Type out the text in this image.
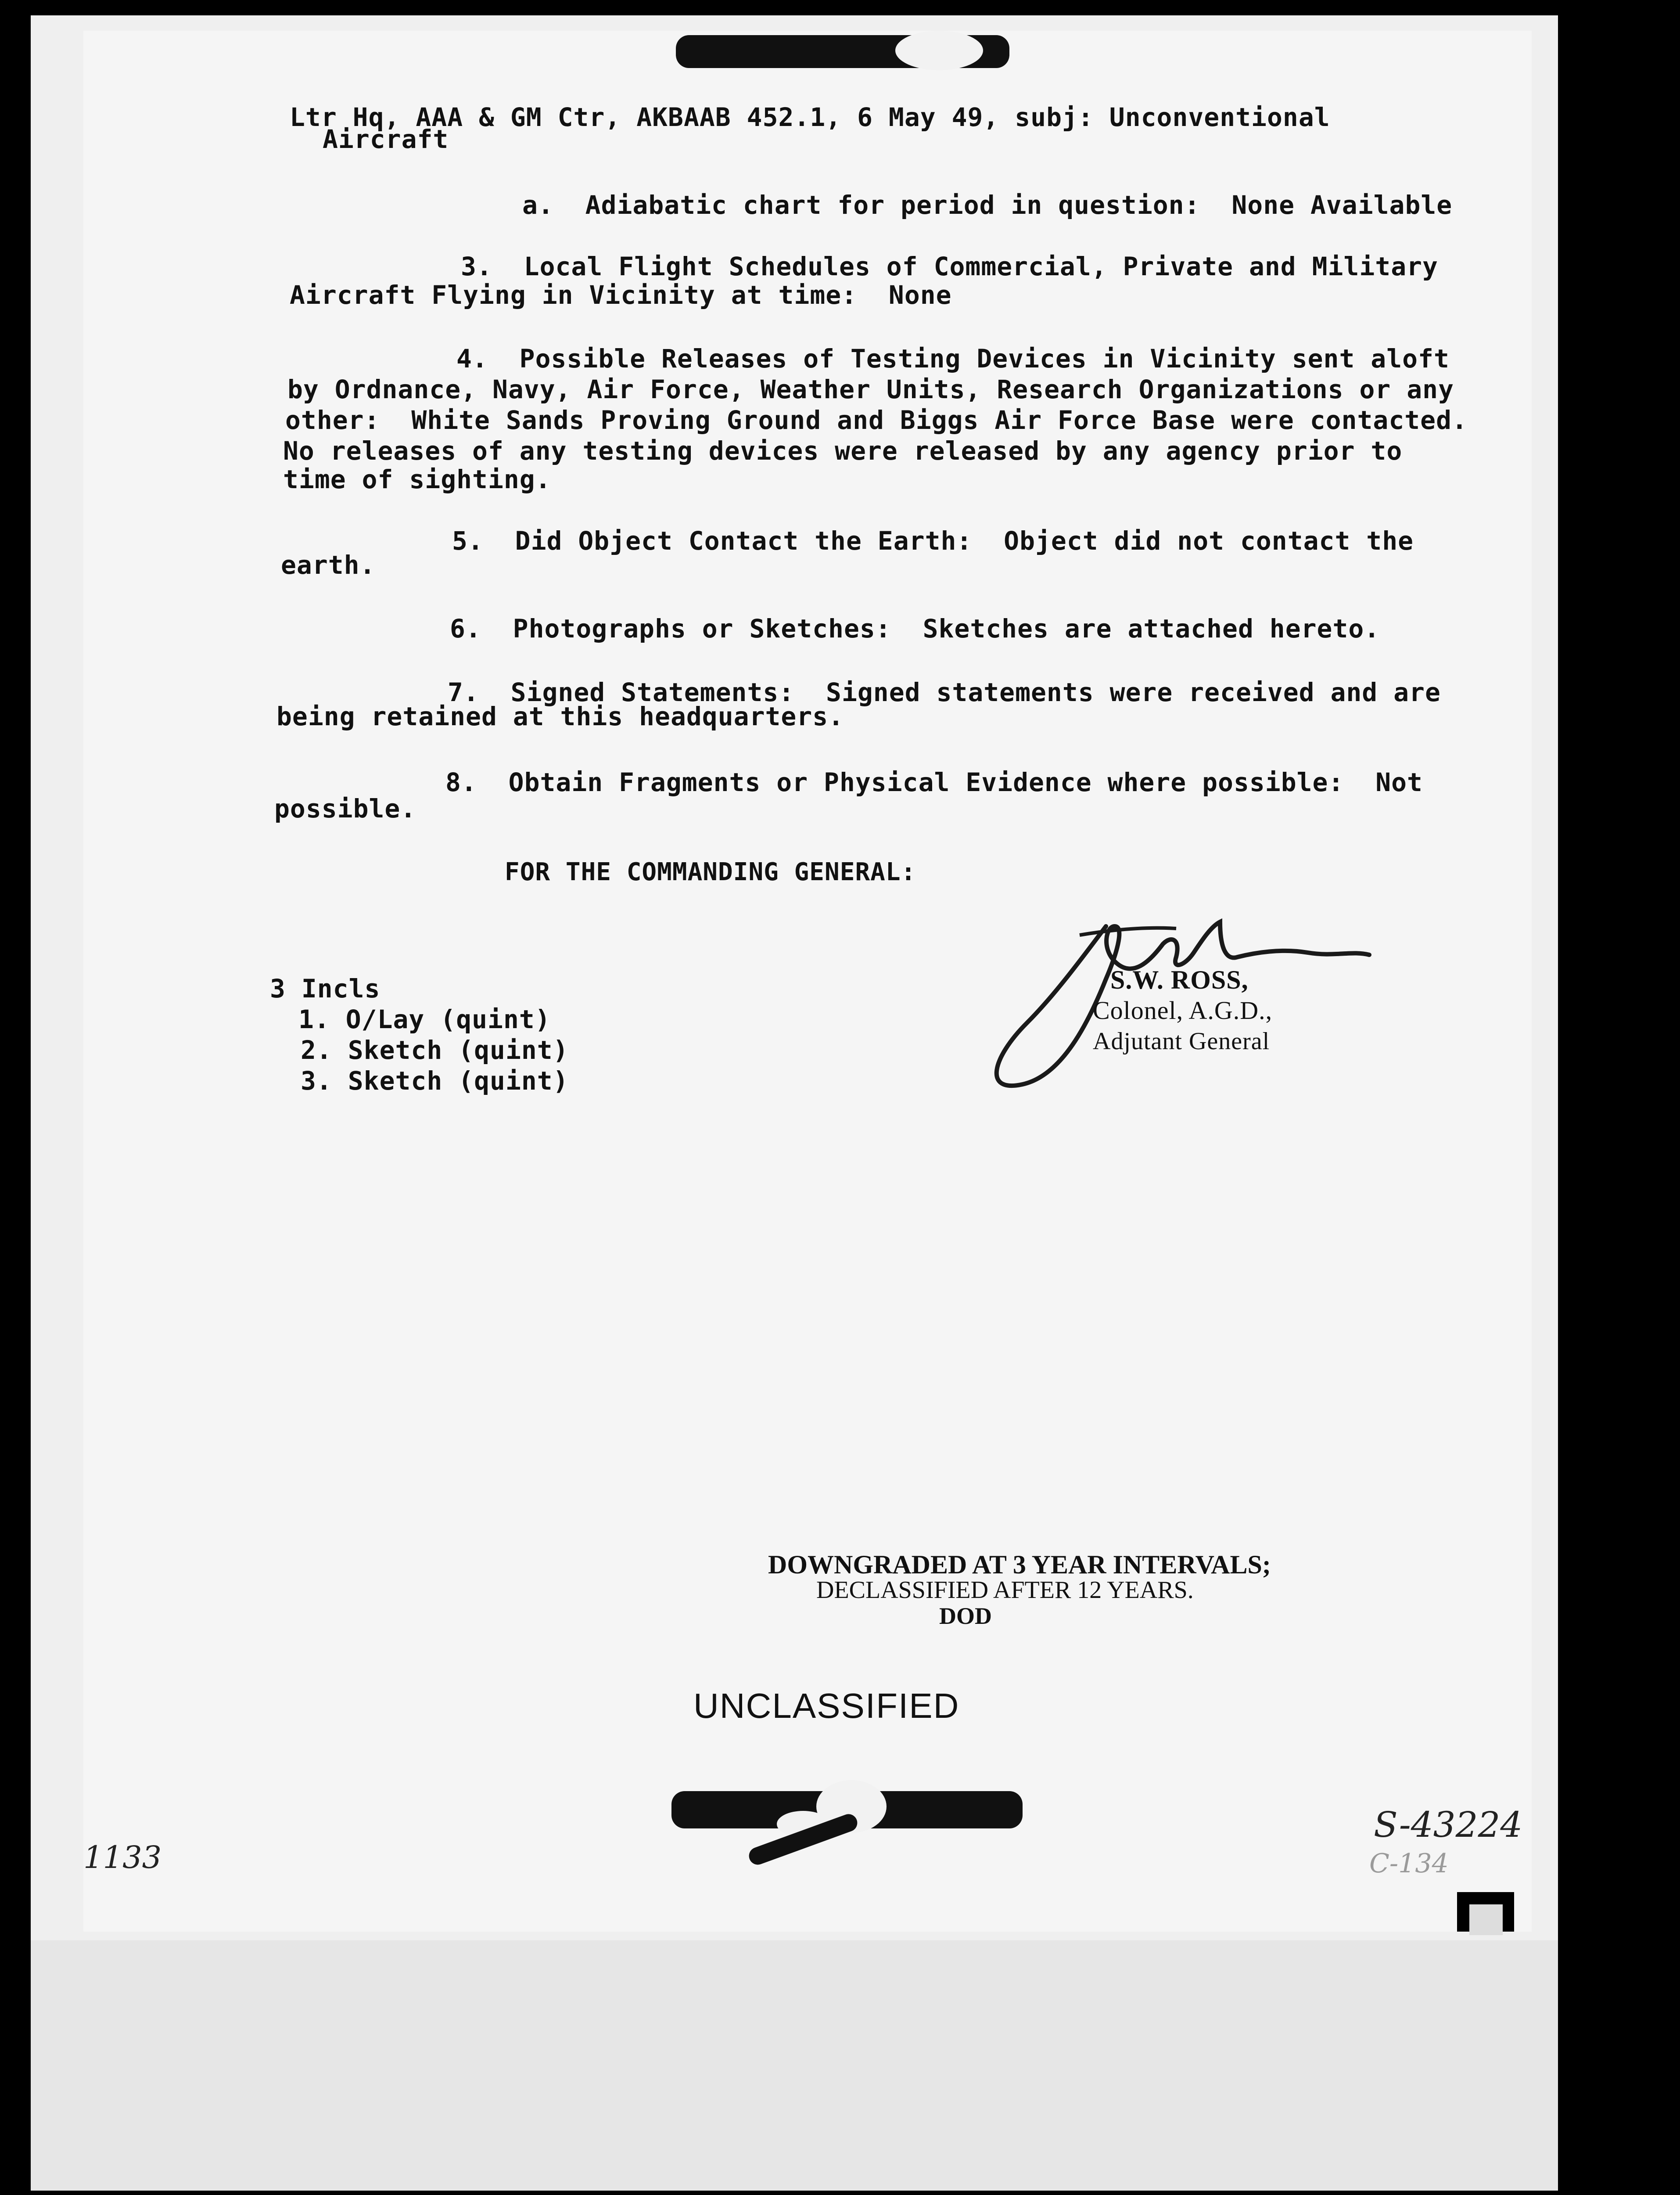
Ltr Hq, AAA & GM Ctr, AKBAAB 452.1, 6 May 49, subj: Unconventional
Aircraft
a.  Adiabatic chart for period in question:  None Available
3.  Local Flight Schedules of Commercial, Private and Military
Aircraft Flying in Vicinity at time:  None
4.  Possible Releases of Testing Devices in Vicinity sent aloft
by Ordnance, Navy, Air Force, Weather Units, Research Organizations or any
other:  White Sands Proving Ground and Biggs Air Force Base were contacted.
No releases of any testing devices were released by any agency prior to
time of sighting.
5.  Did Object Contact the Earth:  Object did not contact the
earth.
6.  Photographs or Sketches:  Sketches are attached hereto.
7.  Signed Statements:  Signed statements were received and are
being retained at this headquarters.
8.  Obtain Fragments or Physical Evidence where possible:  Not
possible.
FOR THE COMMANDING GENERAL:
3 Incls
1. O/Lay (quint)
2. Sketch (quint)
3. Sketch (quint)
S.W. ROSS,
Colonel, A.G.D.,
Adjutant General
DOWNGRADED AT 3 YEAR INTERVALS;
DECLASSIFIED AFTER 12 YEARS.
DOD
UNCLASSIFIED
1133
S-43224
C-134
